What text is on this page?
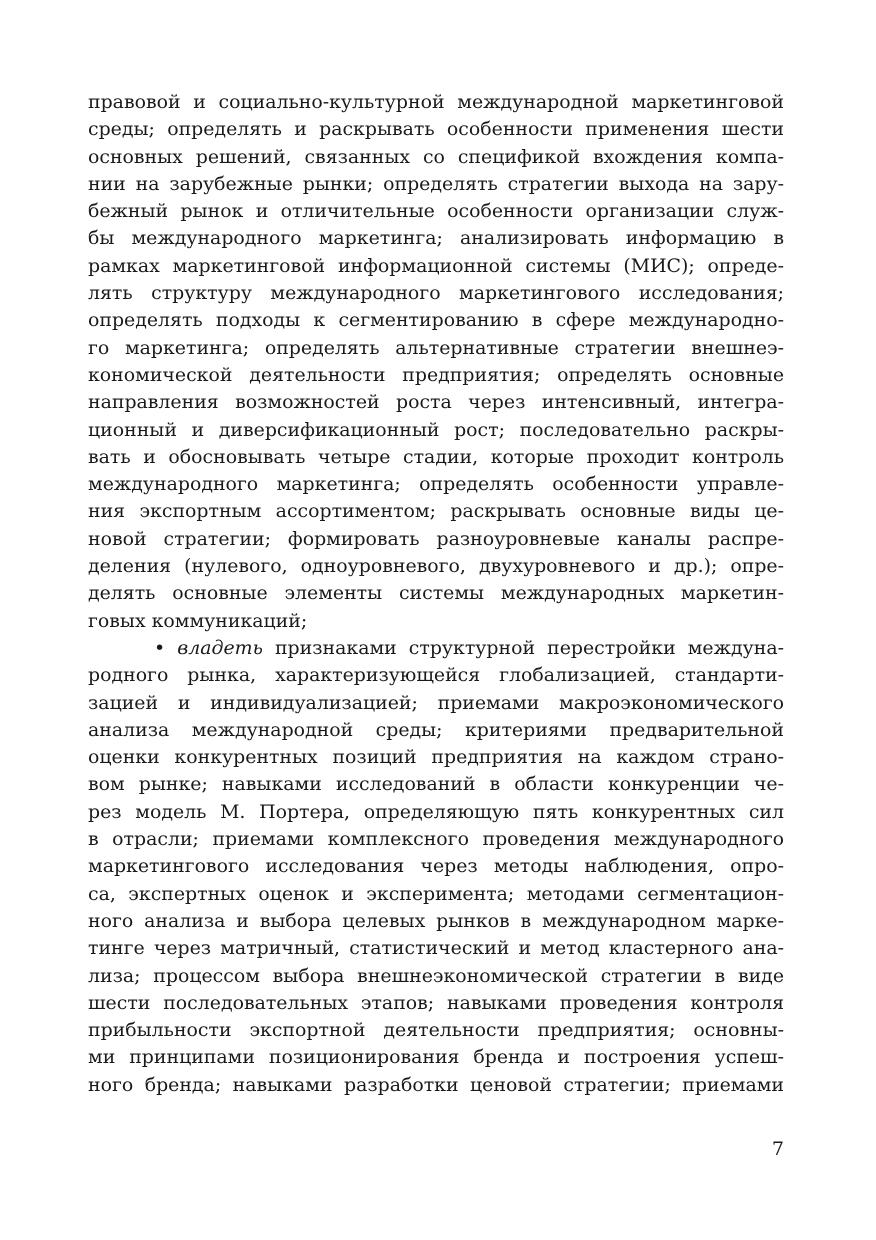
правовой и социально-культурной международной маркетинговой
среды; определять и раскрывать особенности применения шести
основных решений, связанных со спецификой вхождения компа-
нии на зарубежные рынки; определять стратегии выхода на зару-
бежный рынок и отличительные особенности организации служ-
бы международного маркетинга; анализировать информацию в
рамках маркетинговой информационной системы (МИС); опреде-
лять структуру международного маркетингового исследования;
определять подходы к сегментированию в сфере международно-
го маркетинга; определять альтернативные стратегии внешнеэ-
кономической деятельности предприятия; определять основные
направления возможностей роста через интенсивный, интегра-
ционный и диверсификационный рост; последовательно раскры-
вать и обосновывать четыре стадии, которые проходит контроль
международного маркетинга; определять особенности управле-
ния экспортным ассортиментом; раскрывать основные виды це-
новой стратегии; формировать разноуровневые каналы распре-
деления (нулевого, одноуровневого, двухуровневого и др.); опре-
делять основные элементы системы международных маркетин-
говых коммуникаций;
• владеть признаками структурной перестройки междуна-
родного рынка, характеризующейся глобализацией, стандарти-
зацией и индивидуализацией; приемами макроэкономического
анализа международной среды; критериями предварительной
оценки конкурентных позиций предприятия на каждом страно-
вом рынке; навыками исследований в области конкуренции че-
рез модель М. Портера, определяющую пять конкурентных сил
в отрасли; приемами комплексного проведения международного
маркетингового исследования через методы наблюдения, опро-
са, экспертных оценок и эксперимента; методами сегментацион-
ного анализа и выбора целевых рынков в международном марке-
тинге через матричный, статистический и метод кластерного ана-
лиза; процессом выбора внешнеэкономической стратегии в виде
шести последовательных этапов; навыками проведения контроля
прибыльности экспортной деятельности предприятия; основны-
ми принципами позиционирования бренда и построения успеш-
ного бренда; навыками разработки ценовой стратегии; приемами
7
